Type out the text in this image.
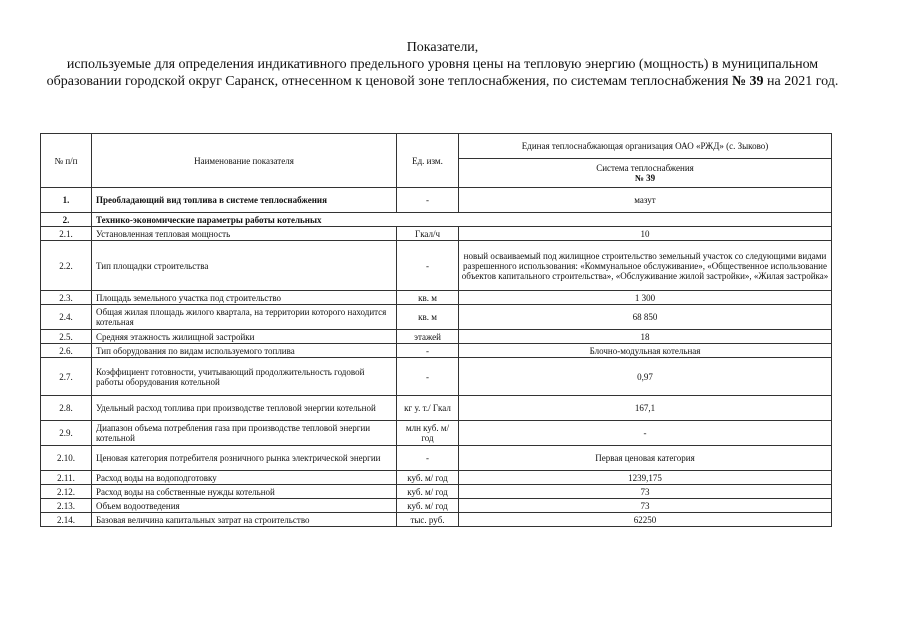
Показатели,
используемые для определения индикативного предельного уровня цены на тепловую энергию (мощность) в муниципальном образовании городской округ Саранск, отнесенном к ценовой зоне теплоснабжения, по системам теплоснабжения № 39 на 2021 год.
№ п/п	Наименование показателя	Ед. изм.	Единая теплоснабжающая организация ОАО «РЖД» (с. Зыково)

			Система теплоснабжения
№ 39

1.	Преобладающий вид топлива в системе теплоснабжения	-	мазут
2.	Технико-экономические параметры работы котельных		
2.1.	Установленная тепловая мощность	Гкал/ч	10
2.2.	Тип площадки строительства	-	новый осваиваемый под жилищное строительство земельный участок со следующими видами разрешенного использования: «Коммунальное обслуживание», «Общественное использование объектов капитального строительства», «Обслуживание жилой застройки», «Жилая застройка»
2.3.	Площадь земельного участка под строительство	кв. м	1 300
2.4.	Общая жилая площадь жилого квартала, на территории которого находится котельная	кв. м	68 850
2.5.	Средняя этажность жилищной застройки	этажей	18
2.6.	Тип оборудования по видам используемого топлива	-	Блочно-модульная котельная
2.7.	Коэффициент готовности, учитывающий продолжительность годовой работы оборудования котельной	-	0,97
2.8.	Удельный расход топлива при производстве тепловой энергии котельной	кг у. т./ Гкал	167,1
2.9.	Диапазон объема потребления газа при производстве тепловой энергии котельной	млн куб. м/год	-
2.10.	Ценовая категория потребителя розничного рынка электрической энергии	-	Первая ценовая категория
2.11.	Расход воды на водоподготовку	куб. м/ год	1239,175
2.12.	Расход воды на собственные нужды котельной	куб. м/ год	73
2.13.	Объем водоотведения	куб. м/ год	73
2.14.	Базовая величина капитальных затрат на строительство	тыс. руб.	62250
